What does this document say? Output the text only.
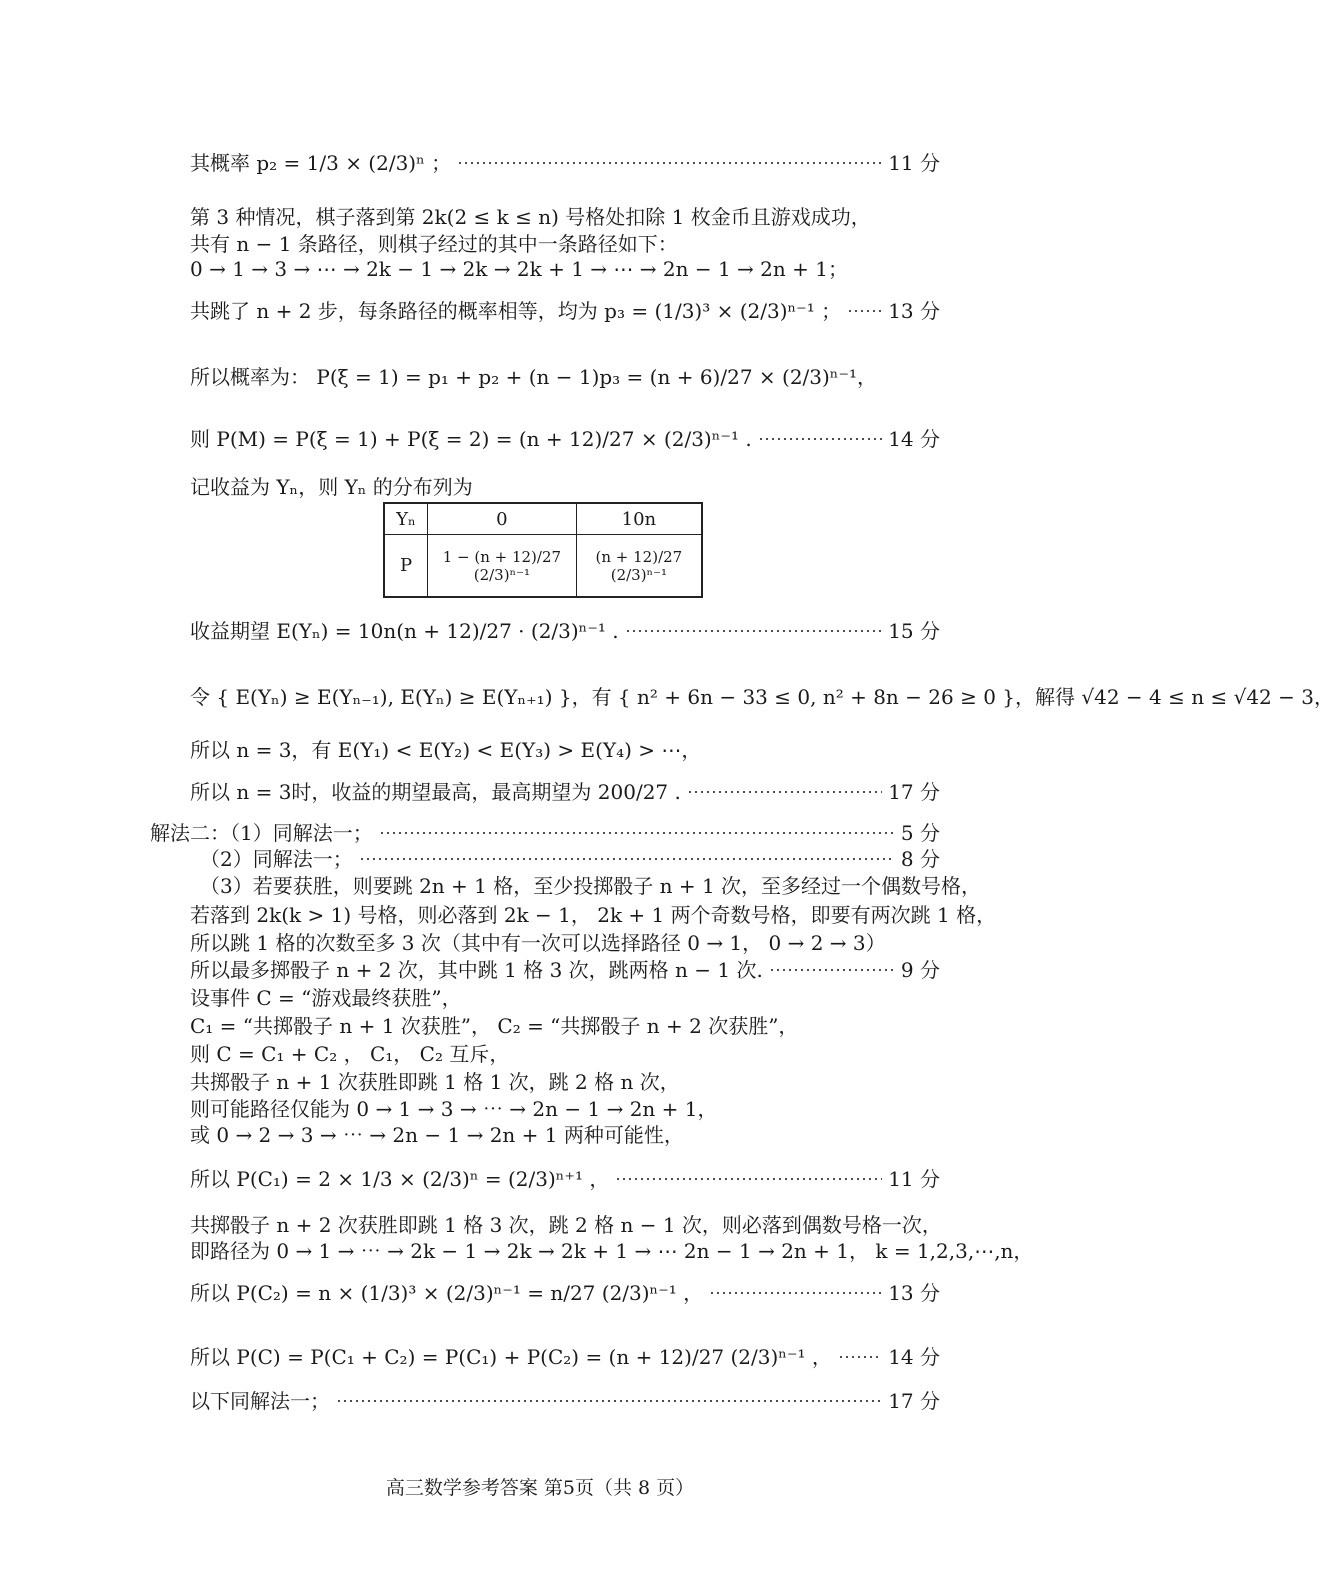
其概率 p₂ = 1/3 × (2/3)ⁿ ；	11 分
第 3 种情况，棋子落到第 2k(2 ≤ k ≤ n) 号格处扣除 1 枚金币且游戏成功，
共有 n − 1 条路径，则棋子经过的其中一条路径如下：
0 → 1 → 3 → ⋯ → 2k − 1 → 2k → 2k + 1 → ⋯ → 2n − 1 → 2n + 1；
共跳了 n + 2 步，每条路径的概率相等，均为 p₃ = (1/3)³ × (2/3)ⁿ⁻¹ ； 13 分
所以概率为： P(ξ = 1) = p₁ + p₂ + (n − 1)p₃ = (n + 6)/27 × (2/3)ⁿ⁻¹，
则 P(M) = P(ξ = 1) + P(ξ = 2) = (n + 12)/27 × (2/3)ⁿ⁻¹ .	14 分
记收益为 Yₙ，则 Yₙ 的分布列为
收益期望 E(Yₙ) = 10n(n + 12)/27 · (2/3)ⁿ⁻¹ .	15 分
令 { E(Yₙ) ≥ E(Yₙ₋₁), E(Yₙ) ≥ E(Yₙ₊₁) }，有 { n² + 6n − 33 ≤ 0, n² + 8n − 26 ≥ 0 }，解得 √42 − 4 ≤ n ≤ √42 − 3，
所以 n = 3，有 E(Y₁) < E(Y₂) < E(Y₃) > E(Y₄) > ⋯，
所以 n = 3时，收益的期望最高，最高期望为 200/27 .	17 分
解法二：（1）同解法一；	5 分
（2）同解法一；	8 分
（3）若要获胜，则要跳 2n + 1 格，至少投掷骰子 n + 1 次，至多经过一个偶数号格，
若落到 2k(k > 1) 号格，则必落到 2k − 1， 2k + 1 两个奇数号格，即要有两次跳 1 格，
所以跳 1 格的次数至多 3 次（其中有一次可以选择路径 0 → 1， 0 → 2 → 3）
所以最多掷骰子 n + 2 次，其中跳 1 格 3 次，跳两格 n − 1 次.	9 分
设事件 C = “游戏最终获胜”，
C₁ = “共掷骰子 n + 1 次获胜”， C₂ = “共掷骰子 n + 2 次获胜”，
则 C = C₁ + C₂ ， C₁， C₂ 互斥，
共掷骰子 n + 1 次获胜即跳 1 格 1 次，跳 2 格 n 次，
则可能路径仅能为 0 → 1 → 3 → ⋯ → 2n − 1 → 2n + 1，
或 0 → 2 → 3 → ⋯ → 2n − 1 → 2n + 1 两种可能性，
所以 P(C₁) = 2 × 1/3 × (2/3)ⁿ = (2/3)ⁿ⁺¹ ，	11 分
共掷骰子 n + 2 次获胜即跳 1 格 3 次，跳 2 格 n − 1 次，则必落到偶数号格一次，
即路径为 0 → 1 → ⋯ → 2k − 1 → 2k → 2k + 1 → ⋯ 2n − 1 → 2n + 1， k = 1,2,3,⋯,n，
所以 P(C₂) = n × (1/3)³ × (2/3)ⁿ⁻¹ = n/27 (2/3)ⁿ⁻¹ ，	13 分
所以 P(C) = P(C₁ + C₂) = P(C₁) + P(C₂) = (n + 12)/27 (2/3)ⁿ⁻¹ ，	14 分
以下同解法一；	17 分
Yₙ	0	10n
P	1 − (n + 12)/27 (2/3)ⁿ⁻¹	(n + 12)/27 (2/3)ⁿ⁻¹
高三数学参考答案 第5页（共 8 页）
